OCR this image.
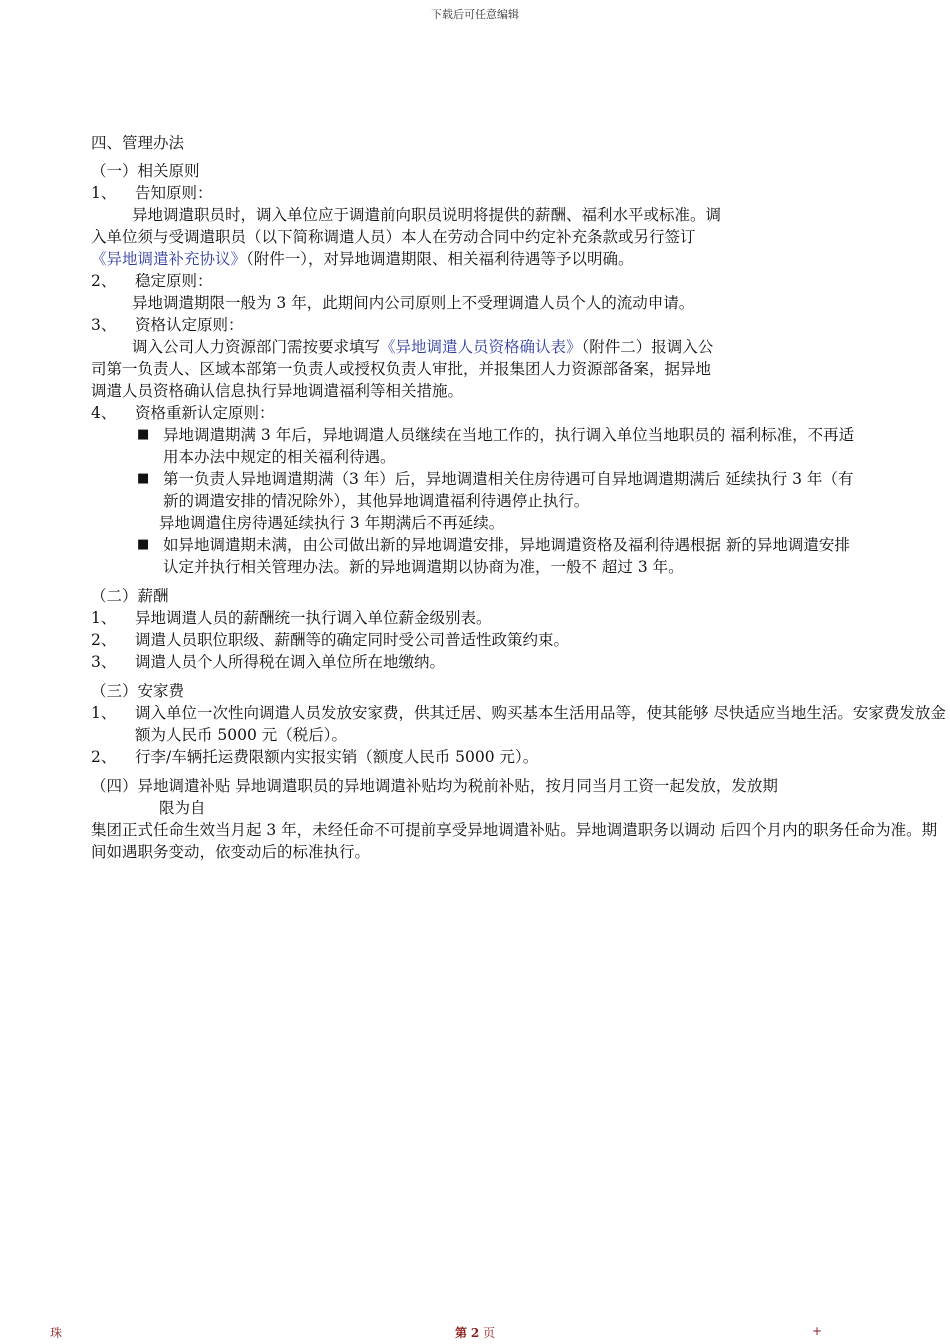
下载后可任意编辑

四、管理办法

（一）相关原则

1、 告知原则：

异地调遣职员时，调入单位应于调遣前向职员说明将提供的薪酬、福利水平或标准。调

入单位须与受调遣职员（以下简称调遣人员）本人在劳动合同中约定补充条款或另行签订

《异地调遣补充协议》（附件一），对异地调遣期限、相关福利待遇等予以明确。

2、 稳定原则：

异地调遣期限一般为 3 年，此期间内公司原则上不受理调遣人员个人的流动申请。

3、 资格认定原则：

调入公司人力资源部门需按要求填写《异地调遣人员资格确认表》（附件二）报调入公

司第一负责人、区域本部第一负责人或授权负责人审批，并报集团人力资源部备案，据异地

调遣人员资格确认信息执行异地调遣福利等相关措施。

4、 资格重新认定原则：

■ 异地调遣期满 3 年后，异地调遣人员继续在当地工作的，执行调入单位当地职员的 福利标准，不再适用本办法中规定的相关福利待遇。

■ 第一负责人异地调遣期满（3 年）后，异地调遣相关住房待遇可自异地调遣期满后 延续执行 3 年（有新的调遣安排的情况除外），其他异地调遣福利待遇停止执行。

异地调遣住房待遇延续执行 3 年期满后不再延续。

■ 如异地调遣期未满，由公司做出新的异地调遣安排，异地调遣资格及福利待遇根据 新的异地调遣安排认定并执行相关管理办法。新的异地调遣期以协商为准，一般不 超过 3 年。

（二）薪酬

1、 异地调遣人员的薪酬统一执行调入单位薪金级别表。

2、 调遣人员职位职级、薪酬等的确定同时受公司普适性政策约束。

3、 调遣人员个人所得税在调入单位所在地缴纳。

（三）安家费

1、 调入单位一次性向调遣人员发放安家费，供其迁居、购买基本生活用品等，使其能够 尽快适应当地生活。安家费发放金额为人民币 5000 元（税后）。

2、 行李/车辆托运费限额内实报实销（额度人民币 5000 元）。

（四）异地调遣补贴 异地调遣职员的异地调遣补贴均为税前补贴，按月同当月工资一起发放，发放期

限为自

集团正式任命生效当月起 3 年，未经任命不可提前享受异地调遣补贴。异地调遣职务以调动 后四个月内的职务任命为准。期间如遇职务变动，依变动后的标准执行。

珠	第 2 页	+
